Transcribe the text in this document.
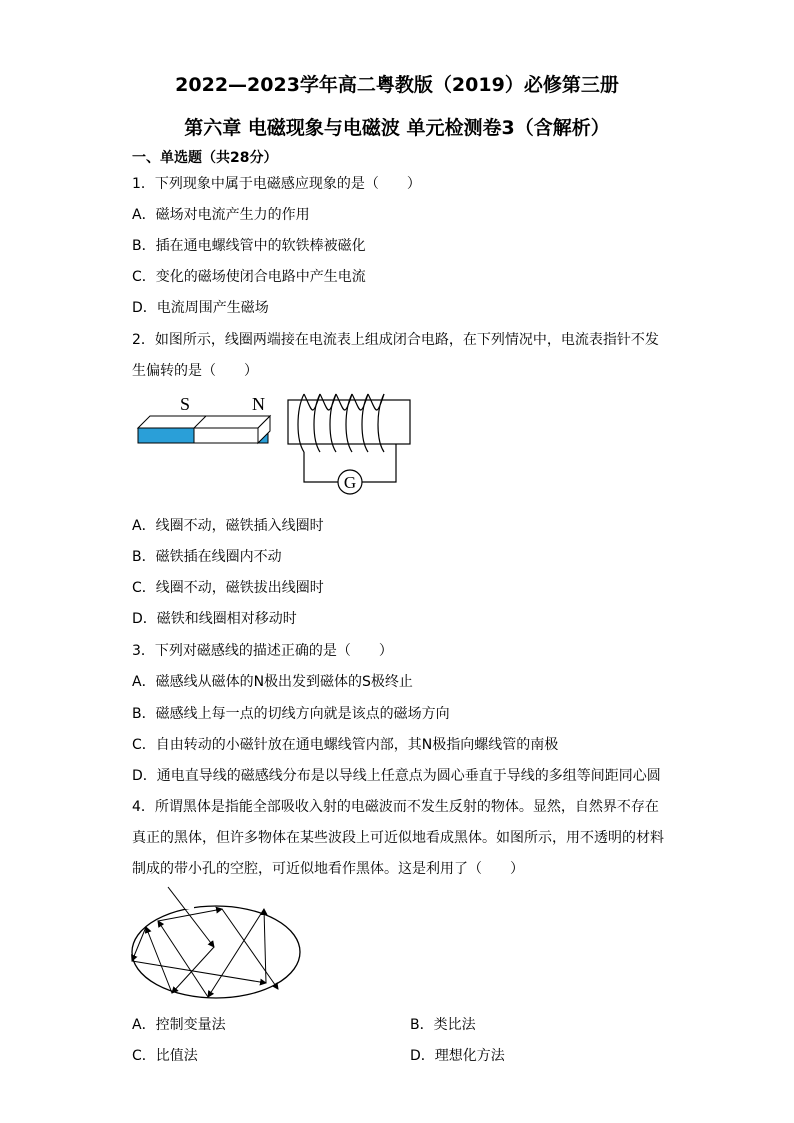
2022—2023学年高二粤教版（2019）必修第三册
第六章 电磁现象与电磁波 单元检测卷3（含解析）
一、单选题（共28分）
1．下列现象中属于电磁感应现象的是（　　）
A．磁场对电流产生力的作用
B．插在通电螺线管中的软铁棒被磁化
C．变化的磁场使闭合电路中产生电流
D．电流周围产生磁场
2．如图所示，线圈两端接在电流表上组成闭合电路，在下列情况中，电流表指针不发
生偏转的是（　　）
S	N
G
A．线圈不动，磁铁插入线圈时
B．磁铁插在线圈内不动
C．线圈不动，磁铁拔出线圈时
D．磁铁和线圈相对移动时
3．下列对磁感线的描述正确的是（　　）
A．磁感线从磁体的N极出发到磁体的S极终止
B．磁感线上每一点的切线方向就是该点的磁场方向
C．自由转动的小磁针放在通电螺线管内部，其N极指向螺线管的南极
D．通电直导线的磁感线分布是以导线上任意点为圆心垂直于导线的多组等间距同心圆
4．所谓黑体是指能全部吸收入射的电磁波而不发生反射的物体。显然，自然界不存在
真正的黑体，但许多物体在某些波段上可近似地看成黑体。如图所示，用不透明的材料
制成的带小孔的空腔，可近似地看作黑体。这是利用了（　　）
A．控制变量法	B．类比法
C．比值法	D．理想化方法
